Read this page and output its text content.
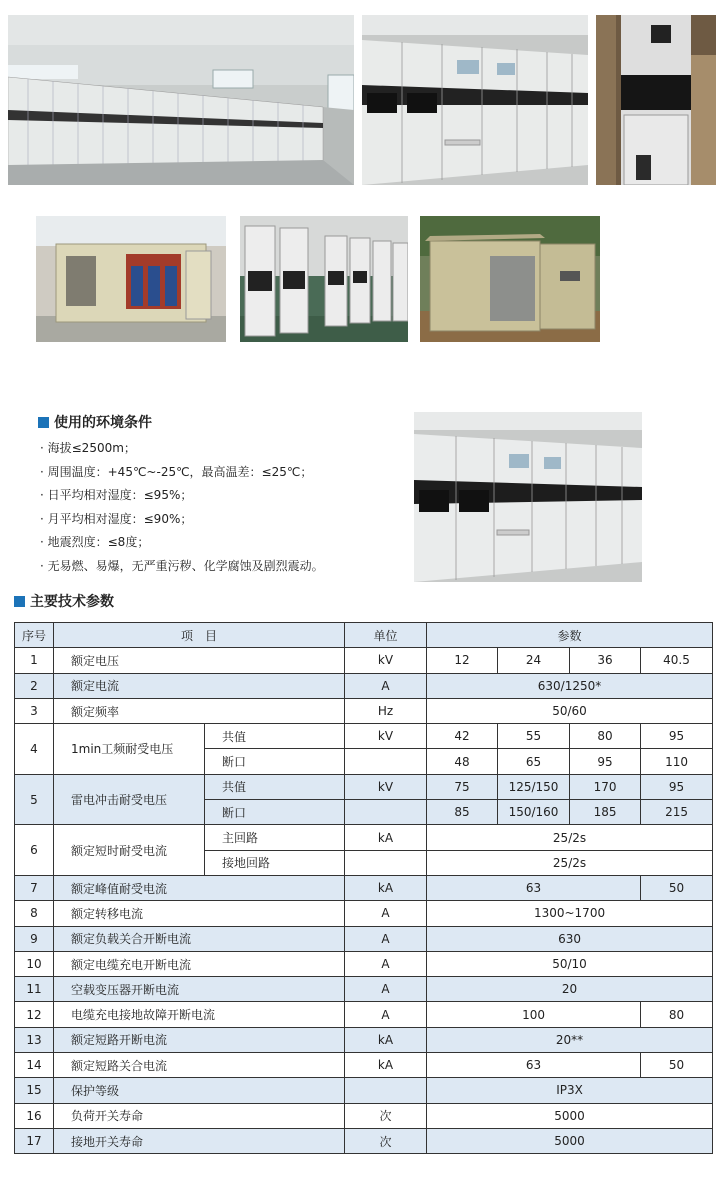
使用的环境条件
· 海拔≤2500m；
· 周围温度：+45℃~-25℃，最高温差：≤25℃；
· 日平均相对湿度：≤95%；
· 月平均相对湿度：≤90%；
· 地震烈度：≤8度；
· 无易燃、易爆，无严重污秽、化学腐蚀及剧烈震动。
主要技术参数
序号	项　目		单位	参数			
1	额定电压		kV	12	24	36	40.5
2	额定电流		A	630/1250*			
3	额定频率		Hz	50/60			
4	1min工频耐受电压	共值	kV	42	55	80	95
		断口		48	65	95	110
5	雷电冲击耐受电压	共值	kV	75	125/150	170	95
		断口		85	150/160	185	215
6	额定短时耐受电流	主回路	kA	25/2s			
		接地回路		25/2s			
7	额定峰值耐受电流		kA	63			50
8	额定转移电流		A	1300~1700			
9	额定负载关合开断电流		A	630			
10	额定电缆充电开断电流		A	50/10			
11	空载变压器开断电流		A	20			
12	电缆充电接地故障开断电流		A	100			80
13	额定短路开断电流		kA	20**			
14	额定短路关合电流		kA	63			50
15	保护等级			IP3X			
16	负荷开关寿命		次	5000			
17	接地开关寿命		次	5000			
